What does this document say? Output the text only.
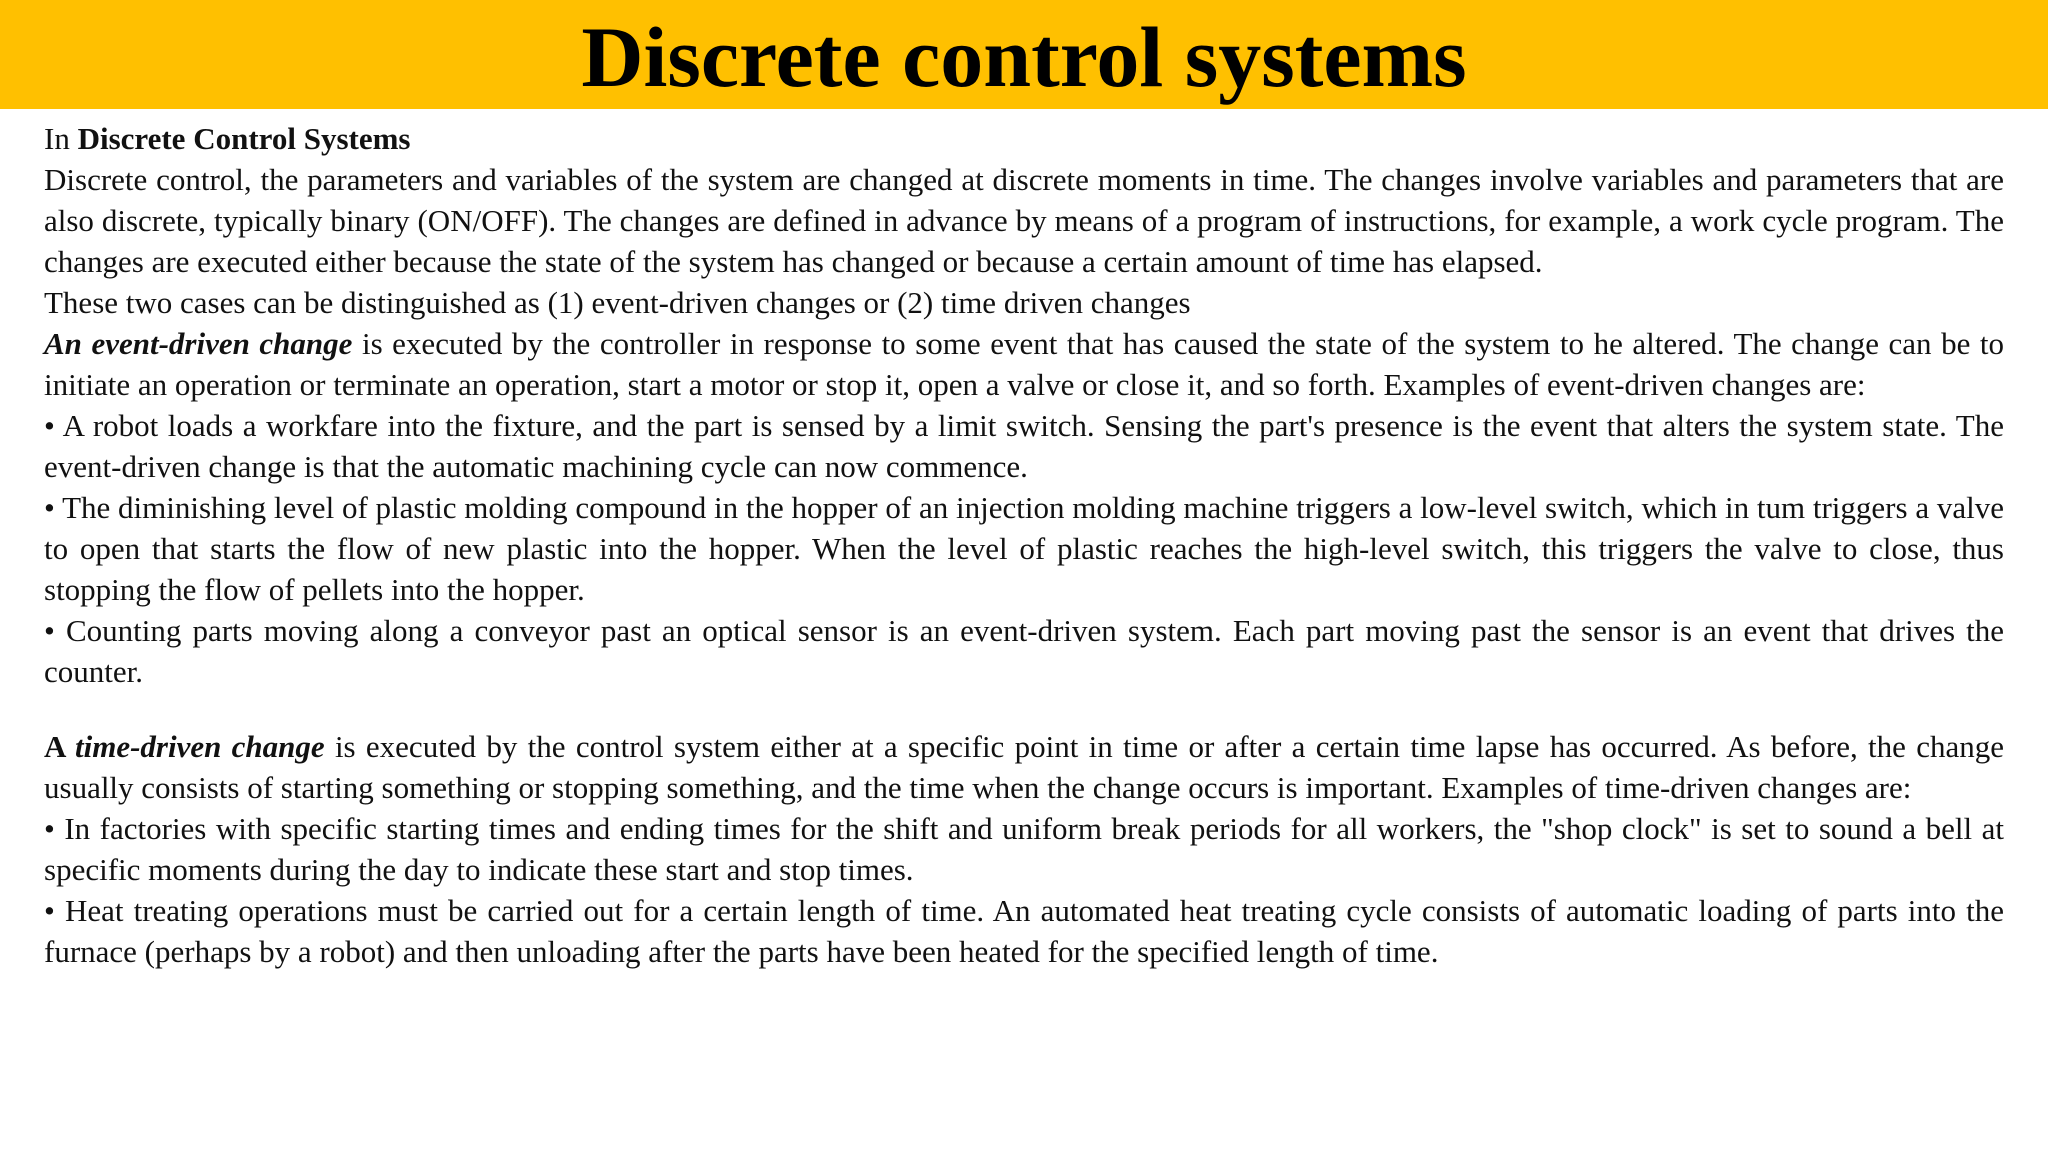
Discrete control systems

In Discrete Control Systems

Discrete control, the parameters and variables of the system are changed at discrete moments in time. The changes involve variables and parameters that are also discrete, typically binary (ON/OFF). The changes are defined in advance by means of a program of instructions, for example, a work cycle program. The changes are executed either because the state of the system has changed or because a certain amount of time has elapsed.

These two cases can be distinguished as (1) event-driven changes or (2) time driven changes

An event-driven change is executed by the controller in response to some event that has caused the state of the system to he altered. The change can be to initiate an operation or terminate an operation, start a motor or stop it, open a valve or close it, and so forth. Examples of event-driven changes are:

• A robot loads a workfare into the fixture, and the part is sensed by a limit switch. Sensing the part's presence is the event that alters the system state. The event-driven change is that the automatic machining cycle can now commence.

• The diminishing level of plastic molding compound in the hopper of an injection molding machine triggers a low-level switch, which in tum triggers a valve to open that starts the flow of new plastic into the hopper. When the level of plastic reaches the high-level switch, this triggers the valve to close, thus stopping the flow of pellets into the hopper.

• Counting parts moving along a conveyor past an optical sensor is an event-driven system. Each part moving past the sensor is an event that drives the counter.

A time-driven change is executed by the control system either at a specific point in time or after a certain time lapse has occurred. As before, the change usually consists of starting something or stopping something, and the time when the change occurs is important. Examples of time-driven changes are:

• In factories with specific starting times and ending times for the shift and uniform break periods for all workers, the "shop clock" is set to sound a bell at specific moments during the day to indicate these start and stop times.

• Heat treating operations must be carried out for a certain length of time. An automated heat treating cycle consists of automatic loading of parts into the furnace (perhaps by a robot) and then unloading after the parts have been heated for the specified length of time.
